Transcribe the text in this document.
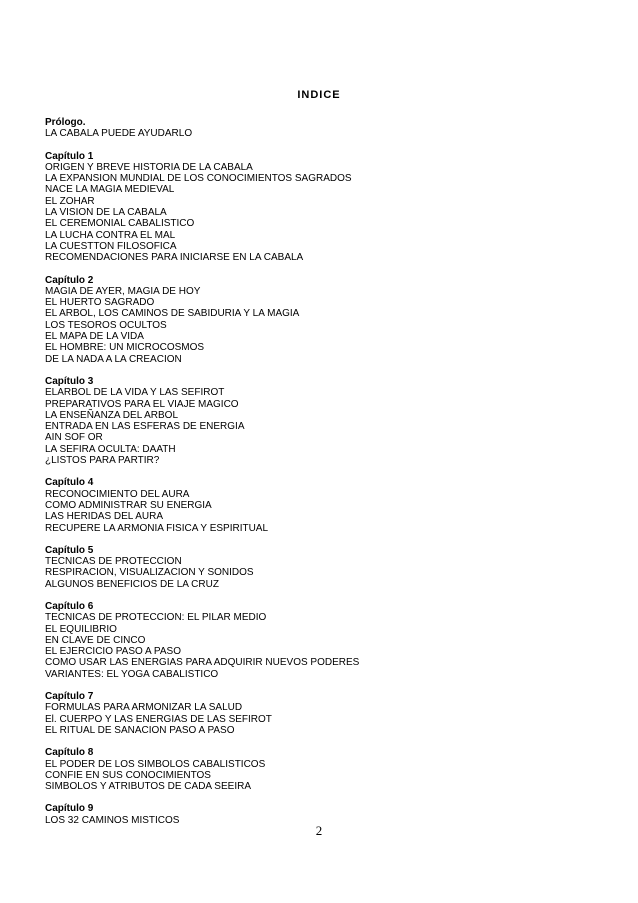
INDICE
Prólogo.
LA CABALA PUEDE AYUDARLO
Capítulo 1
ORIGEN Y BREVE HISTORIA DE LA CABALA
LA EXPANSION MUNDIAL DE LOS CONOCIMIENTOS SAGRADOS
NACE LA MAGIA MEDIEVAL
EL ZOHAR
LA VISION DE LA CABALA
EL CEREMONIAL CABALISTICO
LA LUCHA CONTRA EL MAL
LA CUESTTON FILOSOFICA
RECOMENDACIONES PARA INICIARSE EN LA CABALA
Capítulo 2
MAGIA DE AYER, MAGIA DE HOY
EL HUERTO SAGRADO
EL ARBOL, LOS CAMINOS DE SABIDURIA Y LA MAGIA
LOS TESOROS OCULTOS
EL MAPA DE LA VIDA
EL HOMBRE: UN MICROCOSMOS
DE LA NADA A LA CREACION
Capítulo 3
ELARBOL DE LA VIDA Y LAS SEFIROT
PREPARATIVOS PARA EL VIAJE MAGICO
LA ENSEÑANZA DEL ARBOL
ENTRADA EN LAS ESFERAS DE ENERGIA
AIN SOF OR
LA SEFIRA OCULTA: DAATH
¿LISTOS PARA PARTIR?
Capítulo 4
RECONOCIMIENTO DEL AURA
COMO ADMINISTRAR SU ENERGIA
LAS HERIDAS DEL AURA
RECUPERE LA ARMONIA FISICA Y ESPIRITUAL
Capítulo 5
TECNICAS DE PROTECCION
RESPIRACION, VISUALIZACION Y SONIDOS
ALGUNOS BENEFICIOS DE LA CRUZ
Capítulo 6
TECNICAS DE PROTECCION: EL PILAR MEDIO
EL EQUILIBRIO
EN CLAVE DE CINCO
EL EJERCICIO PASO A PASO
COMO USAR LAS ENERGIAS PARA ADQUIRIR NUEVOS PODERES
VARIANTES: EL YOGA CABALISTICO
Capítulo 7
FORMULAS PARA ARMONIZAR LA SALUD
El. CUERPO Y LAS ENERGIAS DE LAS SEFIROT
EL RITUAL DE SANACION PASO A PASO
Capítulo 8
EL PODER DE LOS SIMBOLOS CABALISTICOS
CONFIE EN SUS CONOCIMIENTOS
SIMBOLOS Y ATRIBUTOS DE CADA SEEIRA
Capítulo 9
LOS 32 CAMINOS MISTICOS
2
